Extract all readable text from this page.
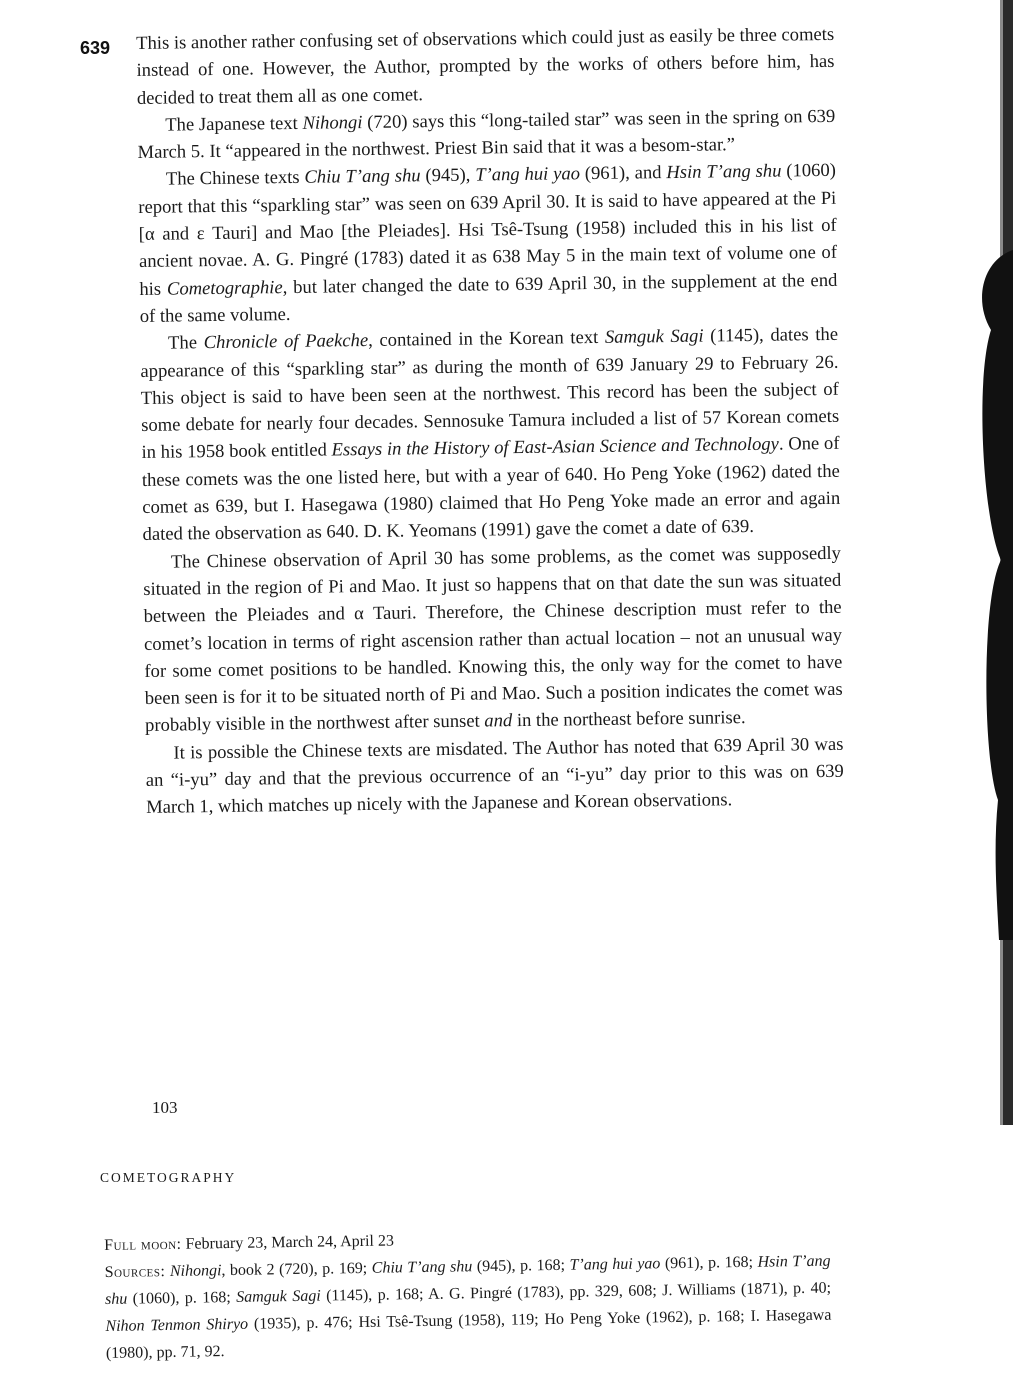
639 This is another rather confusing set of observations which could just as easily be three comets instead of one. However, the Author, prompted by the works of others before him, has decided to treat them all as one comet.

The Japanese text Nihongi (720) says this “long-tailed star” was seen in the spring on 639 March 5. It “appeared in the northwest. Priest Bin said that it was a besom-star.”

The Chinese texts Chiu T’ang shu (945), T’ang hui yao (961), and Hsin T’ang shu (1060) report that this “sparkling star” was seen on 639 April 30. It is said to have appeared at the Pi [α and ε Tauri] and Mao [the Pleiades]. Hsi Tsê-Tsung (1958) included this in his list of ancient novae. A. G. Pingré (1783) dated it as 638 May 5 in the main text of volume one of his Cometographie, but later changed the date to 639 April 30, in the supplement at the end of the same volume.

The Chronicle of Paekche, contained in the Korean text Samguk Sagi (1145), dates the appearance of this “sparkling star” as during the month of 639 January 29 to February 26. This object is said to have been seen at the northwest. This record has been the subject of some debate for nearly four decades. Sennosuke Tamura included a list of 57 Korean comets in his 1958 book entitled Essays in the History of East-Asian Science and Technology. One of these comets was the one listed here, but with a year of 640. Ho Peng Yoke (1962) dated the comet as 639, but I. Hasegawa (1980) claimed that Ho Peng Yoke made an error and again dated the observation as 640. D. K. Yeomans (1991) gave the comet a date of 639.

The Chinese observation of April 30 has some problems, as the comet was supposedly situated in the region of Pi and Mao. It just so happens that on that date the sun was situated between the Pleiades and α Tauri. Therefore, the Chinese description must refer to the comet’s location in terms of right ascension rather than actual location – not an unusual way for some comet positions to be handled. Knowing this, the only way for the comet to have been seen is for it to be situated north of Pi and Mao. Such a position indicates the comet was probably visible in the northwest after sunset and in the northeast before sunrise.

It is possible the Chinese texts are misdated. The Author has noted that 639 April 30 was an “i-yu” day and that the previous occurrence of an “i-yu” day prior to this was on 639 March 1, which matches up nicely with the Japanese and Korean observations.

103
COMETOGRAPHY

Full moon: February 23, March 24, April 23

Sources: Nihongi, book 2 (720), p. 169; Chiu T’ang shu (945), p. 168; T’ang hui yao (961), p. 168; Hsin T’ang shu (1060), p. 168; Samguk Sagi (1145), p. 168; A. G. Pingré (1783), pp. 329, 608; J. Williams (1871), p. 40; Nihon Tenmon Shiryo (1935), p. 476; Hsi Tsê-Tsung (1958), 119; Ho Peng Yoke (1962), p. 168; I. Hasegawa (1980), pp. 71, 92.
